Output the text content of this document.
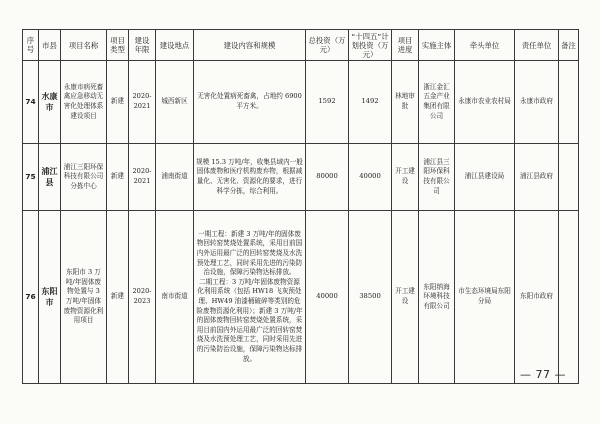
序号	市县	项目名称	项目类型	建设年限	建设地点	建设内容和规模	总投资（万元）	“十四五”计划投资（万元）	项目进度	实施主体	牵头单位	责任单位	备注
74	水康市	永康市病死畜禽应急移动无害化处理体系建设项目	新建	2020-2021	城西新区	无害化处置病死畜禽，占地约 6900 平方米。	1592	1492	林地审批	浙江金汇五金产业集团有限公司	永康市农业农村局	永康市政府	
75	浦江县	浦江三阳环保科技有限公司分拣中心	新建	2020-2021	浦南街道	规模 15.3 万吨/年，收集县域内一般固体废物和医疗机构废弃物，根据减量化、无害化、资源化的要求，进行科学分拣，综合利用。	80000	40000	开工建设	浦江县三阳环保科技有限公司	浦江县建设局	浦江县政府	
76	东阳市	东阳市 3 万吨/年固体废物处置与 3 万吨/年固体废物资源化利用项目	新建	2020-2023	南市街道	一期工程：新建 3 万吨/年的固体废物回转窑焚烧处置系统，采用目前国内外运用最广泛的回转窑焚烧及水洗预处理工艺，同时采用先进的污染防治设施，保障污染物达标排放。
二期工程：3 万吨/年固体废物资源化利用系统（包括 HW18 飞灰预处理、HW49 油漆桶破碎等类别的危险废物资源化利用）；新建 3 万吨/年的固体废物回转窑焚烧处置系统，采用目前国内外运用最广泛的回转窑焚烧及水洗预处理工艺，同时采用先进的污染防治设施，保障污染物达标排放。	40000	38500	开工建设	东阳纳海环境科技有限公司	市生态环境局东阳分局	东阳市政府	
— 77 —
